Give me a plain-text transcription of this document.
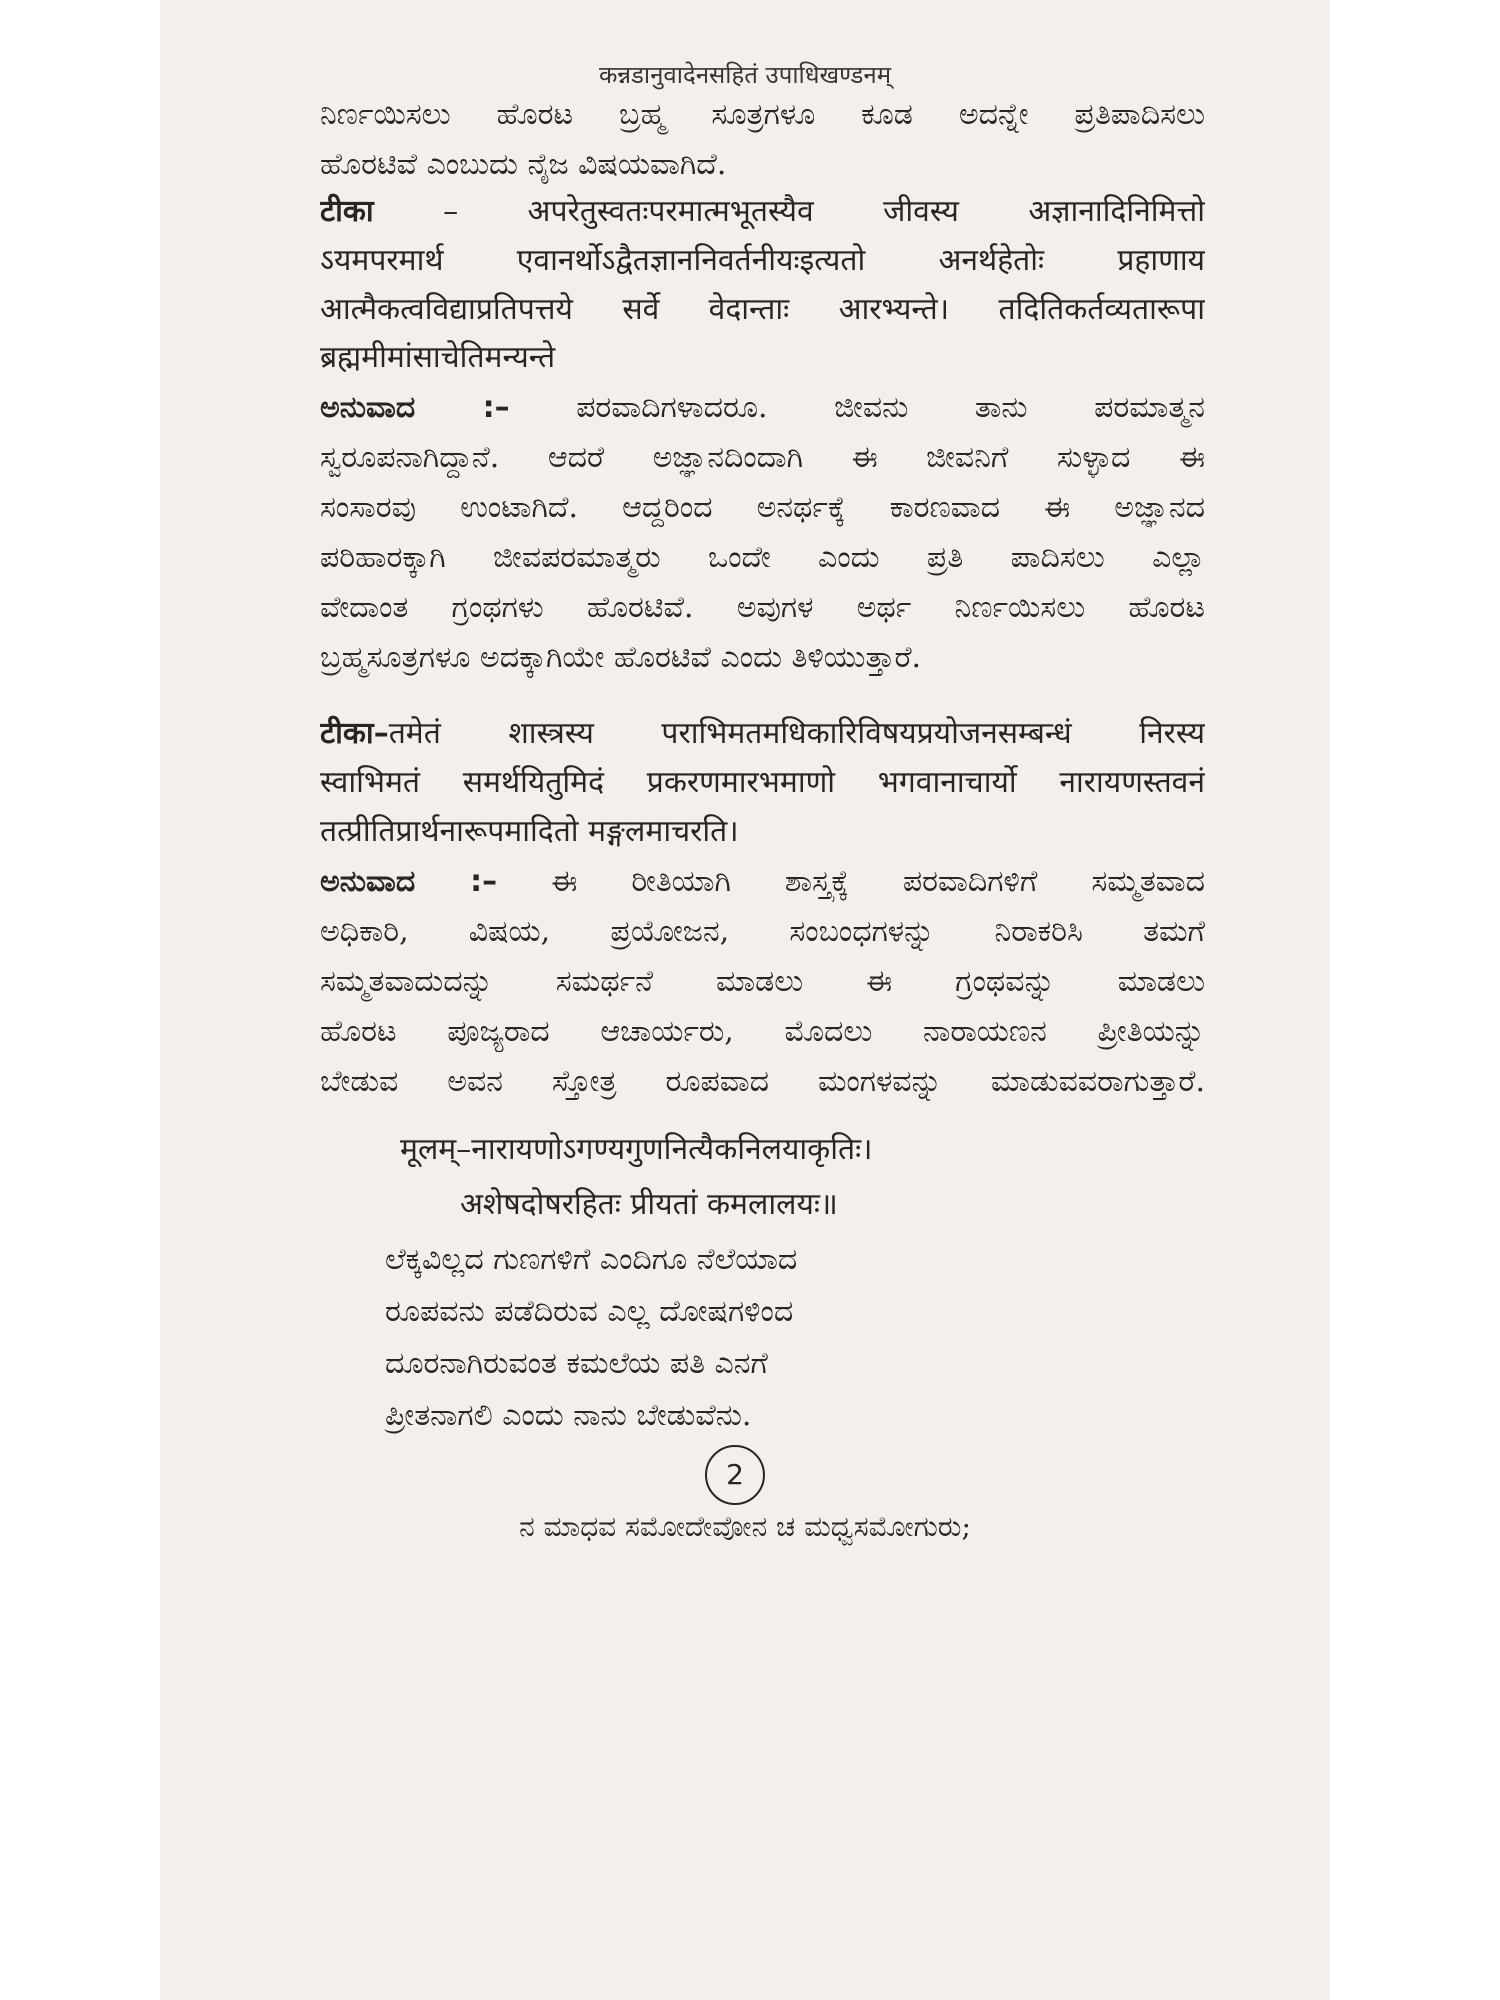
कन्नडानुवादेनसहितं उपाधिखण्डनम्
ನಿರ್ಣಯಿಸಲು ಹೊರಟ ಬ್ರಹ್ಮ ಸೂತ್ರಗಳೂ ಕೂಡ ಅದನ್ನೇ ಪ್ರತಿಪಾದಿಸಲು
ಹೊರಟಿವೆ ಎಂಬುದು ನೈಜ ವಿಷಯವಾಗಿದೆ.
टीका – अपरेतुस्वतःपरमात्मभूतस्यैव जीवस्य अज्ञानादिनिमित्तो
ऽयमपरमार्थ एवानर्थोऽद्वैतज्ञाननिवर्तनीयःइत्यतो अनर्थहेतोः प्रहाणाय
आत्मैकत्वविद्याप्रतिपत्तये सर्वे वेदान्ताः आरभ्यन्ते। तदितिकर्तव्यतारूपा
ब्रह्ममीमांसाचेतिमन्यन्ते
ಅನುವಾದ :– ಪರವಾದಿಗಳಾದರೂ. ಜೀವನು ತಾನು ಪರಮಾತ್ಮನ
ಸ್ವರೂಪನಾಗಿದ್ದಾನೆ. ಆದರೆ ಅಜ್ಞಾನದಿಂದಾಗಿ ಈ ಜೀವನಿಗೆ ಸುಳ್ಳಾದ ಈ
ಸಂಸಾರವು ಉಂಟಾಗಿದೆ. ಆದ್ದರಿಂದ ಅನರ್ಥಕ್ಕೆ ಕಾರಣವಾದ ಈ ಅಜ್ಞಾನದ
ಪರಿಹಾರಕ್ಕಾಗಿ ಜೀವಪರಮಾತ್ಮರು ಒಂದೇ ಎಂದು ಪ್ರತಿ ಪಾದಿಸಲು ಎಲ್ಲಾ
ವೇದಾಂತ ಗ್ರಂಥಗಳು ಹೊರಟಿವೆ. ಅವುಗಳ ಅರ್ಥ ನಿರ್ಣಯಿಸಲು ಹೊರಟ
ಬ್ರಹ್ಮಸೂತ್ರಗಳೂ ಅದಕ್ಕಾಗಿಯೇ ಹೊರಟಿವೆ ಎಂದು ತಿಳಿಯುತ್ತಾರೆ.
टीका–तमेतं शास्त्रस्य पराभिमतमधिकारिविषयप्रयोजनसम्बन्धं निरस्य
स्वाभिमतं समर्थयितुमिदं प्रकरणमारभमाणो भगवानाचार्यो नारायणस्तवनं
तत्प्रीतिप्रार्थनारूपमादितो मङ्गलमाचरति।
ಅನುವಾದ :– ಈ ರೀತಿಯಾಗಿ ಶಾಸ್ತ್ರಕ್ಕೆ ಪರವಾದಿಗಳಿಗೆ ಸಮ್ಮತವಾದ
ಅಧಿಕಾರಿ, ವಿಷಯ, ಪ್ರಯೋಜನ, ಸಂಬಂಧಗಳನ್ನು ನಿರಾಕರಿಸಿ ತಮಗೆ
ಸಮ್ಮತವಾದುದನ್ನು ಸಮರ್ಥನೆ ಮಾಡಲು ಈ ಗ್ರಂಥವನ್ನು ಮಾಡಲು
ಹೊರಟ ಪೂಜ್ಯರಾದ ಆಚಾರ್ಯರು, ಮೊದಲು ನಾರಾಯಣನ ಪ್ರೀತಿಯನ್ನು
ಬೇಡುವ ಅವನ ಸ್ತೋತ್ರ ರೂಪವಾದ ಮಂಗಳವನ್ನು ಮಾಡುವವರಾಗುತ್ತಾರೆ.
मूलम्–नारायणोऽगण्यगुणनित्यैकनिलयाकृतिः।
अशेषदोषरहितः प्रीयतां कमलालयः॥
ಲೆಕ್ಕವಿಲ್ಲದ ಗುಣಗಳಿಗೆ ಎಂದಿಗೂ ನೆಲೆಯಾದ
ರೂಪವನು ಪಡೆದಿರುವ ಎಲ್ಲ ದೋಷಗಳಿಂದ
ದೂರನಾಗಿರುವಂತ ಕಮಲೆಯ ಪತಿ ಎನಗೆ
ಪ್ರೀತನಾಗಲಿ ಎಂದು ನಾನು ಬೇಡುವೆನು.
2
ನ ಮಾಧವ ಸಮೋದೇವೋನ ಚ ಮಧ್ವಸಮೋಗುರು;
